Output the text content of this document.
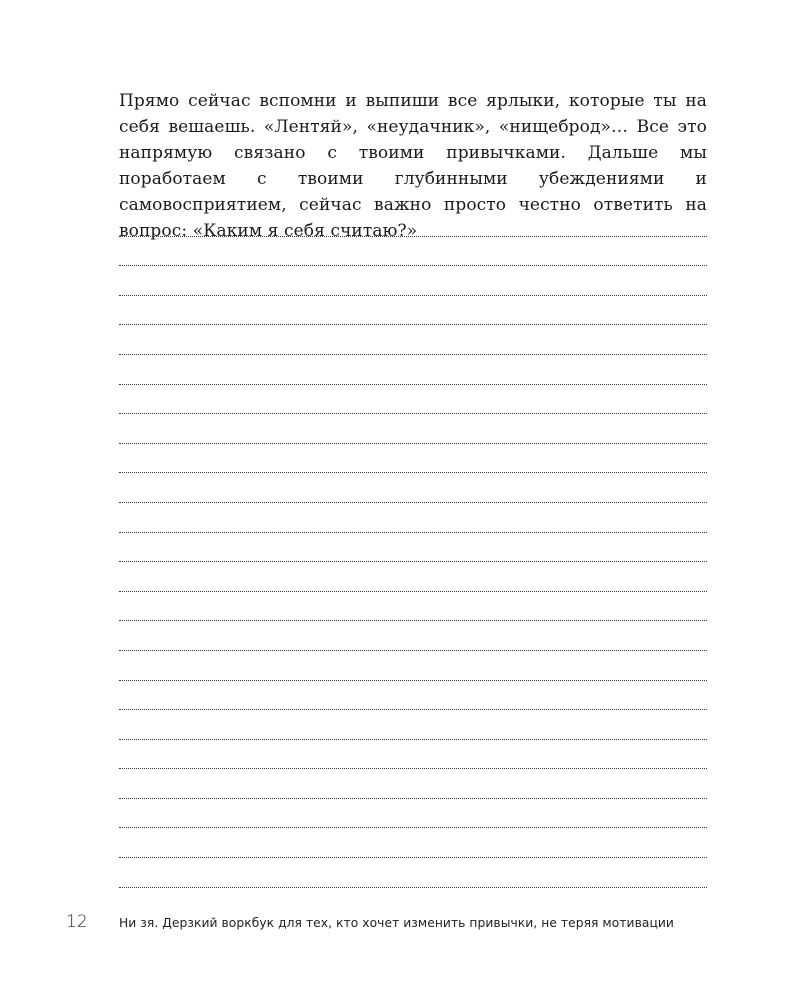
Прямо сейчас вспомни и выпиши все ярлыки, которые ты на себя вешаешь. «Лентяй», «неудачник», «нищеброд»… Все это напрямую связано с твоими привычками. Дальше мы поработаем с твоими глубинными убеждениями и самовосприятием, сейчас важно просто честно ответить на вопрос: «Каким я себя считаю?»

12	Ни зя. Дерзкий воркбук для тех, кто хочет изменить привычки, не теряя мотивации
